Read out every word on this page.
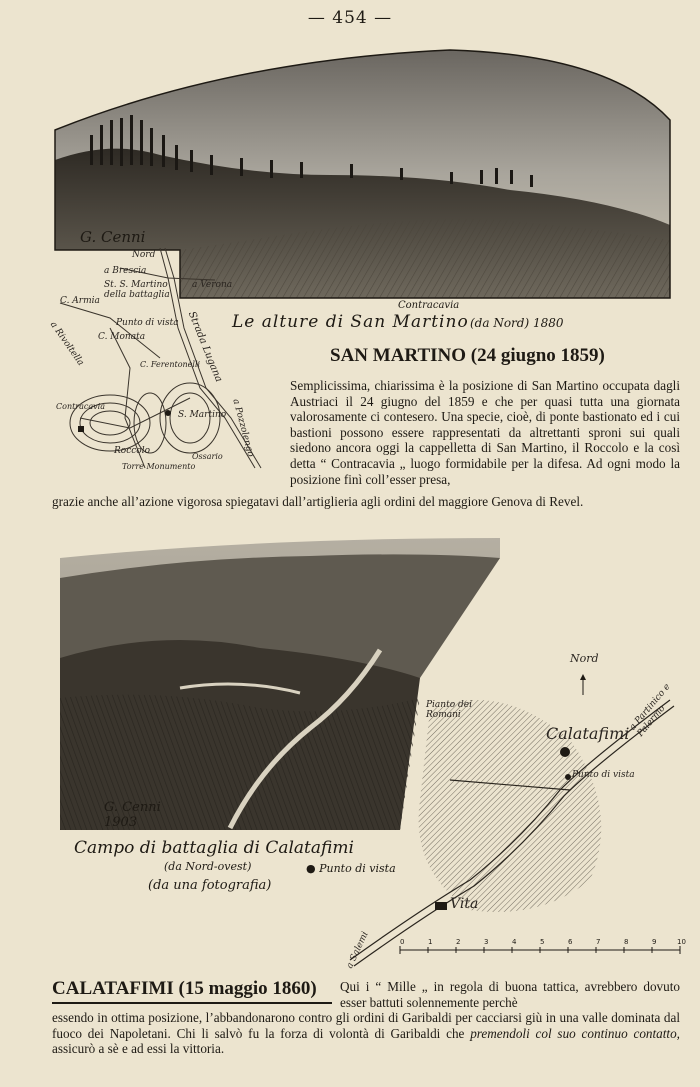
— 454 —
G. Cenni
Contracavia
Le alture di San Martino (da Nord) 1880
Nord
a Brescia
a Verona
St. S. Martino della battaglia
C. Armia
Punto di vista
C. Monata
a Rivoltella	Strada Lugana
C. Ferentonelli
a Pozzolengo
Contracavia
S. Martino
Roccolo
Ossario
Torre Monumento
SAN MARTINO (24 giugno 1859)
Semplicissima, chiarissima è la posizione di San Martino occupata dagli Austriaci il 24 giugno del 1859 e che per quasi tutta una giornata valorosamente ci contesero. Una specie, cioè, di ponte bastionato ed i cui bastioni possono essere rappresentati da altrettanti sproni sui quali siedono ancora oggi la cappelletta di San Martino, il Roccolo e la così detta “ Contracavia „ luogo formidabile per la difesa. Ad ogni modo la posizione finì coll’esser presa,
grazie anche all’azione vigorosa spiegatavi dall’artiglieria agli ordini del maggiore Genova di Revel.
G. Cenni 1903
Campo di battaglia di Calatafimi
(da Nord-ovest)
(da una fotografia)
● Punto di vista
Nord
Pianto dei Romani
Calatafimi
a Partinico e Palermo
Punto di vista
Vita
a Salemi	0	1	2	3	4	5	6	7	8	9	10
CALATAFIMI (15 maggio 1860) Qui i “ Mille „ in regola di buona tattica, avrebbero dovuto esser battuti solennemente perchè
essendo in ottima posizione, l’abbandonarono contro gli ordini di Garibaldi per cacciarsi giù in una valle dominata dal fuoco dei Napoletani. Chi li salvò fu la forza di volontà di Garibaldi che premendoli col suo continuo contatto, assicurò a sè e ad essi la vittoria.
